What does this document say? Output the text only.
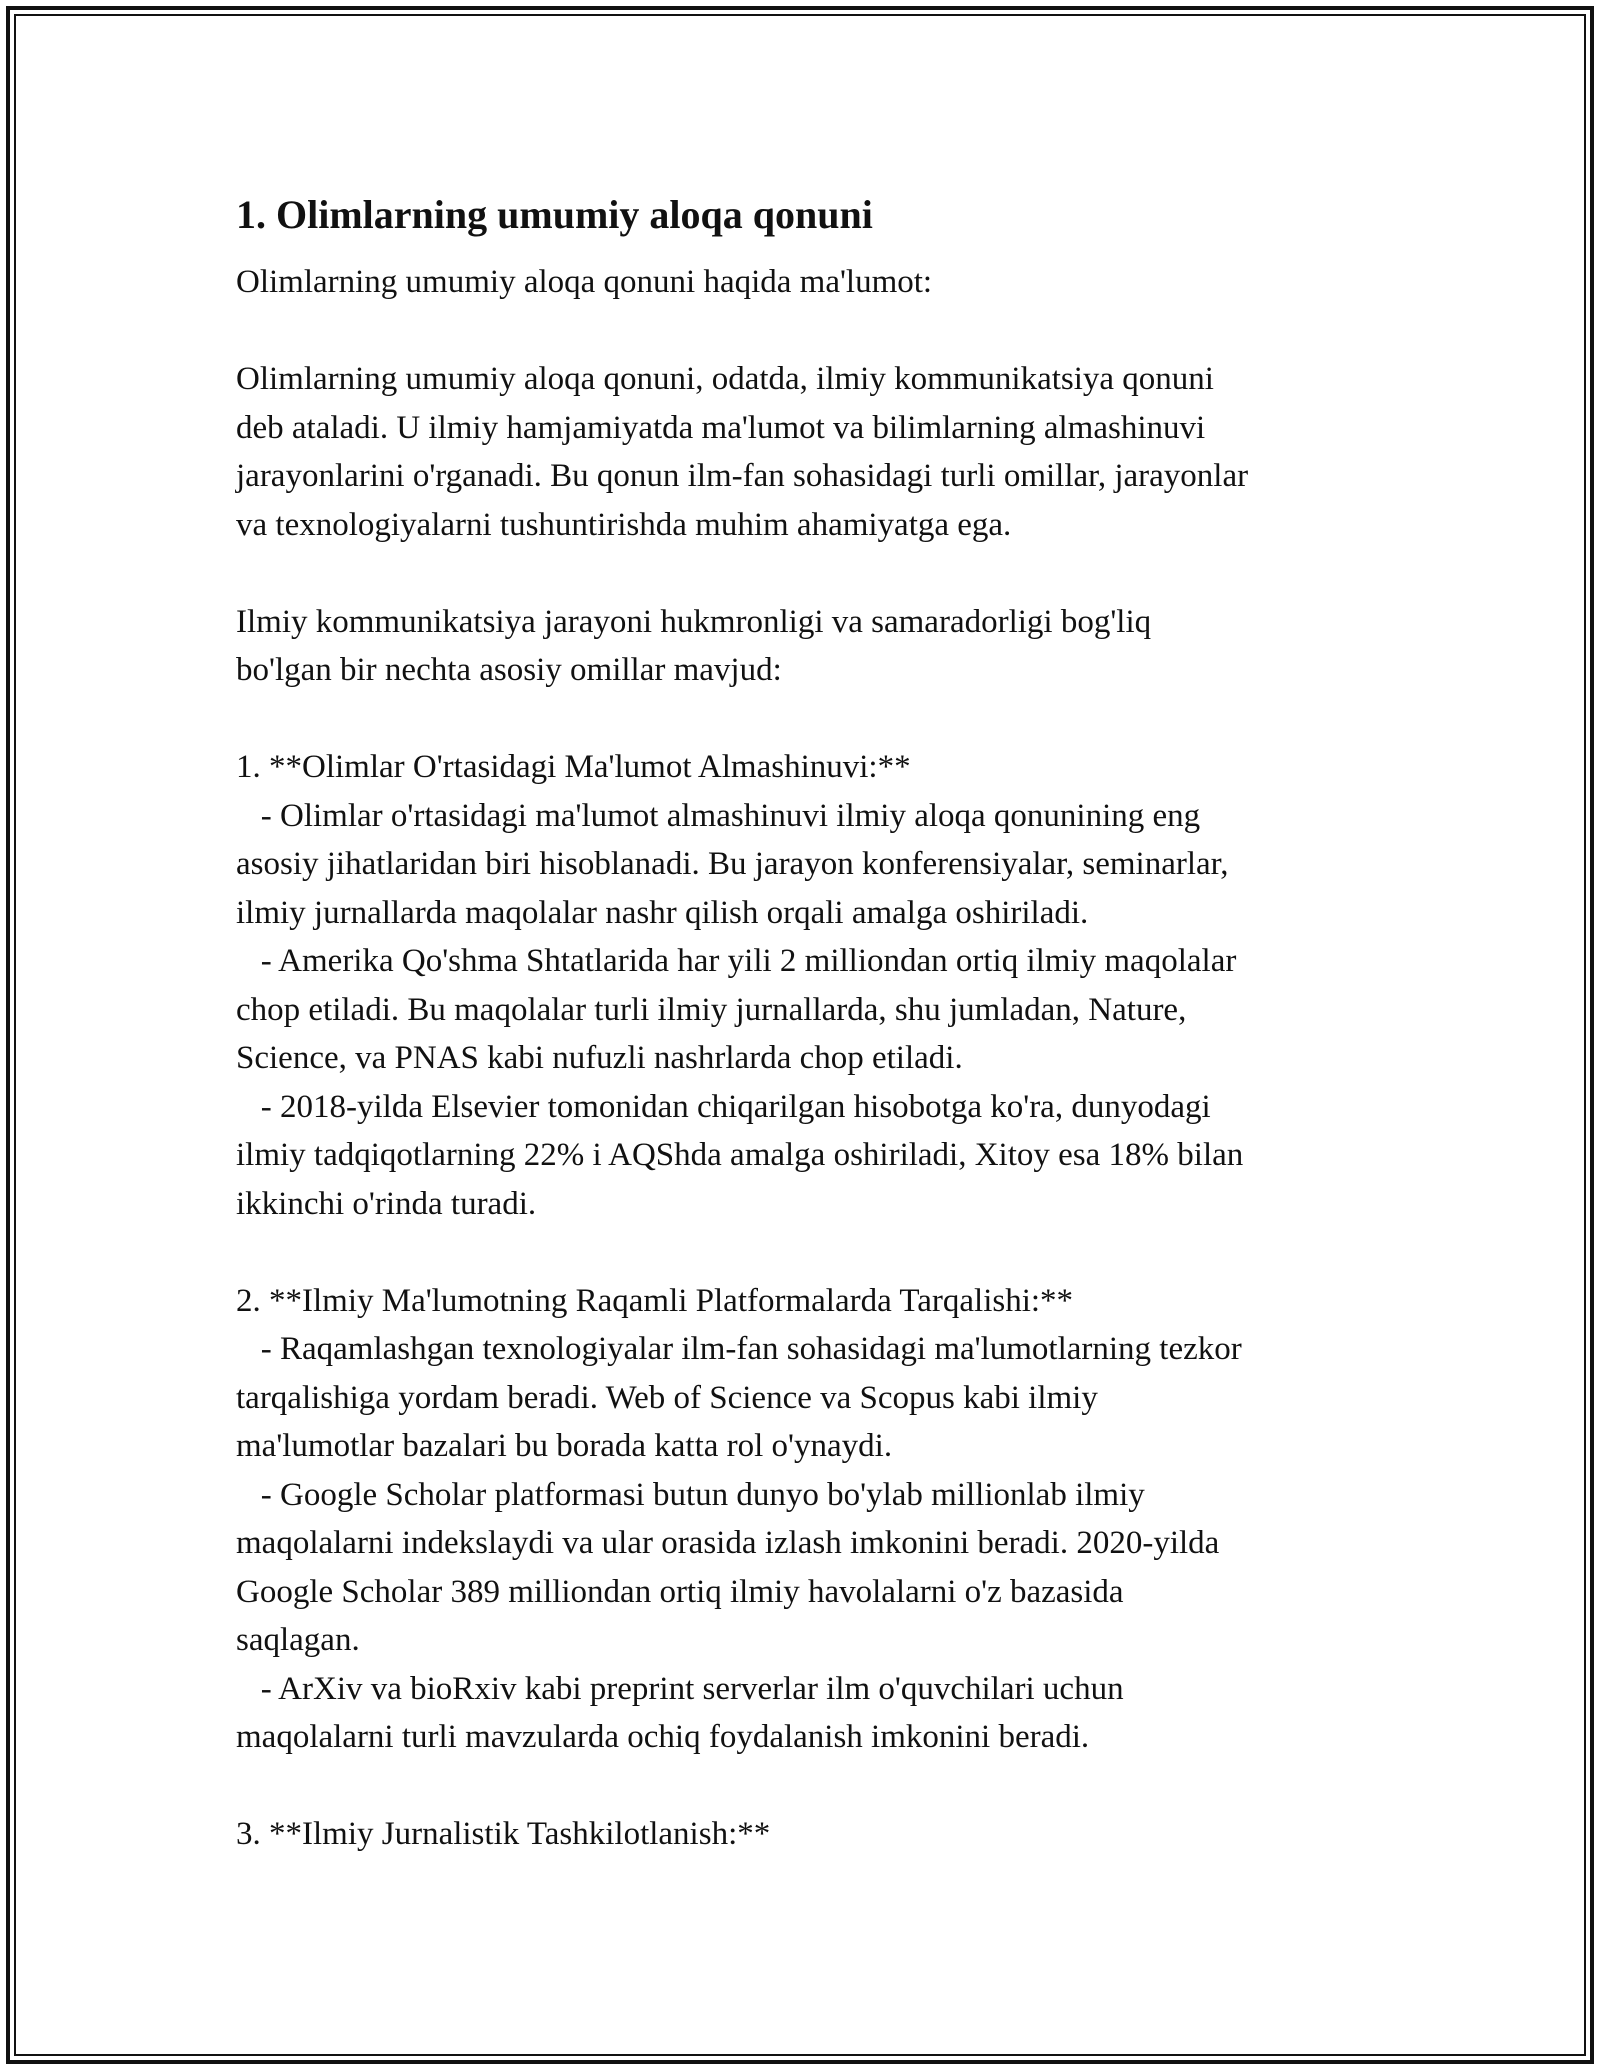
1. Olimlarning umumiy aloqa qonuni
Olimlarning umumiy aloqa qonuni haqida ma'lumot:
Olimlarning umumiy aloqa qonuni, odatda, ilmiy kommunikatsiya qonuni
deb ataladi. U ilmiy hamjamiyatda ma'lumot va bilimlarning almashinuvi
jarayonlarini o'rganadi. Bu qonun ilm-fan sohasidagi turli omillar, jarayonlar
va texnologiyalarni tushuntirishda muhim ahamiyatga ega.
Ilmiy kommunikatsiya jarayoni hukmronligi va samaradorligi bog'liq
bo'lgan bir nechta asosiy omillar mavjud:
1. **Olimlar O'rtasidagi Ma'lumot Almashinuvi:**
- Olimlar o'rtasidagi ma'lumot almashinuvi ilmiy aloqa qonunining eng
asosiy jihatlaridan biri hisoblanadi. Bu jarayon konferensiyalar, seminarlar,
ilmiy jurnallarda maqolalar nashr qilish orqali amalga oshiriladi.
- Amerika Qo'shma Shtatlarida har yili 2 milliondan ortiq ilmiy maqolalar
chop etiladi. Bu maqolalar turli ilmiy jurnallarda, shu jumladan, Nature,
Science, va PNAS kabi nufuzli nashrlarda chop etiladi.
- 2018-yilda Elsevier tomonidan chiqarilgan hisobotga ko'ra, dunyodagi
ilmiy tadqiqotlarning 22% i AQShda amalga oshiriladi, Xitoy esa 18% bilan
ikkinchi o'rinda turadi.
2. **Ilmiy Ma'lumotning Raqamli Platformalarda Tarqalishi:**
- Raqamlashgan texnologiyalar ilm-fan sohasidagi ma'lumotlarning tezkor
tarqalishiga yordam beradi. Web of Science va Scopus kabi ilmiy
ma'lumotlar bazalari bu borada katta rol o'ynaydi.
- Google Scholar platformasi butun dunyo bo'ylab millionlab ilmiy
maqolalarni indekslaydi va ular orasida izlash imkonini beradi. 2020-yilda
Google Scholar 389 milliondan ortiq ilmiy havolalarni o'z bazasida
saqlagan.
- ArXiv va bioRxiv kabi preprint serverlar ilm o'quvchilari uchun
maqolalarni turli mavzularda ochiq foydalanish imkonini beradi.
3. **Ilmiy Jurnalistik Tashkilotlanish:**
